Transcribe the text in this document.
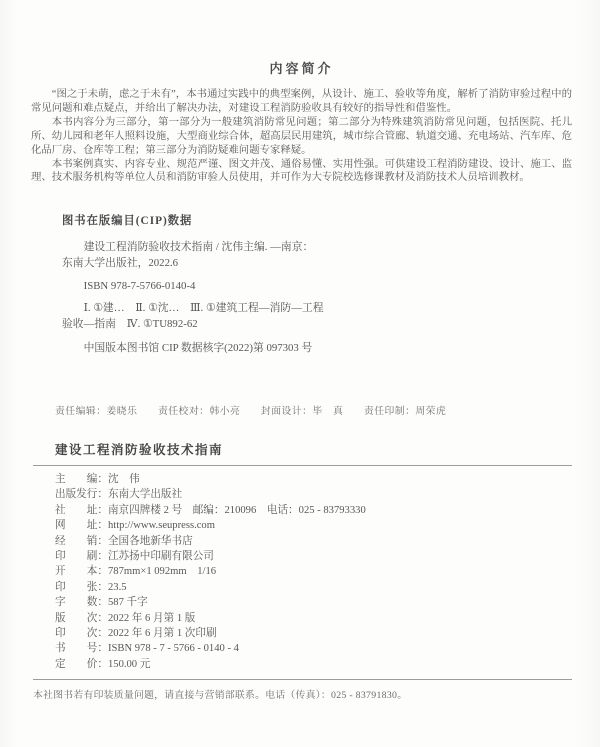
内容简介

“图之于未萌，虑之于未有”，本书通过实践中的典型案例，从设计、施工、验收等角度，解析了消防审验过程中的常见问题和难点疑点，并给出了解决办法，对建设工程消防验收具有较好的指导性和借鉴性。

本书内容分为三部分，第一部分为一般建筑消防常见问题；第二部分为特殊建筑消防常见问题，包括医院、托儿所、幼儿园和老年人照料设施，大型商业综合体，超高层民用建筑，城市综合管廊、轨道交通、充电场站、汽车库、危化品厂房、仓库等工程；第三部分为消防疑难问题专家释疑。

本书案例真实、内容专业、规范严谨、图文并茂、通俗易懂、实用性强。可供建设工程消防建设、设计、施工、监理、技术服务机构等单位人员和消防审验人员使用，并可作为大专院校选修课教材及消防技术人员培训教材。

图书在版编目(CIP)数据

建设工程消防验收技术指南 / 沈伟主编. —南京：

东南大学出版社，2022.6

ISBN 978-7-5766-0140-4

Ⅰ. ①建…　Ⅱ. ①沈…　Ⅲ. ①建筑工程—消防—工程

验收—指南　Ⅳ. ①TU892-62

中国版本图书馆 CIP 数据核字(2022)第 097303 号

责任编辑：姜晓乐　　责任校对：韩小亮　　封面设计：毕　真　　责任印制：周荣虎
建设工程消防验收技术指南
主　　编：沈　伟
出版发行：东南大学出版社
社　　址：南京四牌楼 2 号　邮编：210096　电话：025 - 83793330
网　　址：http://www.seupress.com
经　　销：全国各地新华书店
印　　刷：江苏扬中印刷有限公司
开　　本：787mm×1 092mm　1/16
印　　张：23.5
字　　数：587 千字
版　　次：2022 年 6 月第 1 版
印　　次：2022 年 6 月第 1 次印刷
书　　号：ISBN 978 - 7 - 5766 - 0140 - 4
定　　价：150.00 元
本社图书若有印装质量问题，请直接与营销部联系。电话（传真）：025 - 83791830。
